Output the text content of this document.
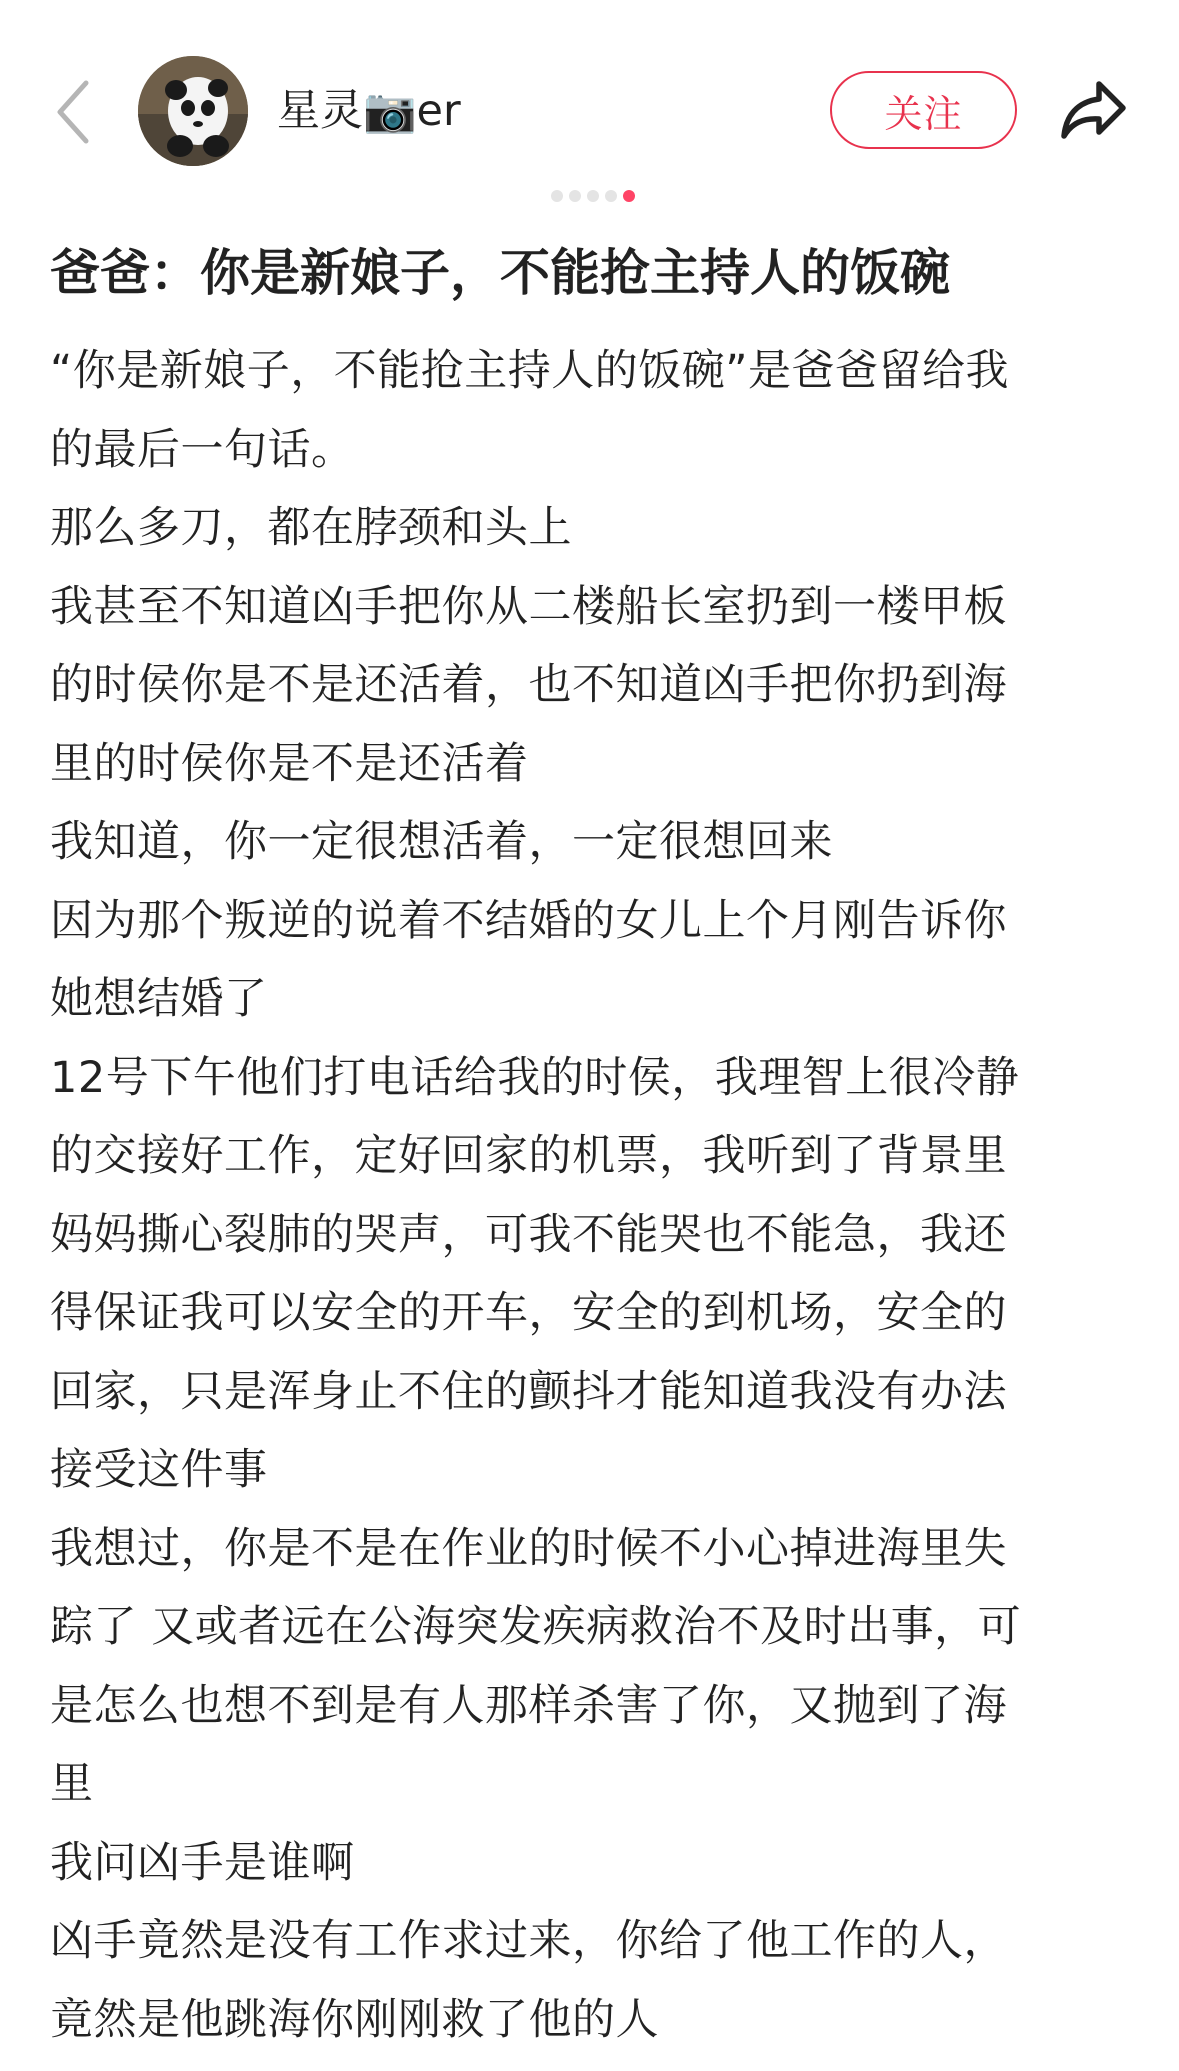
星灵📷er	关注
爸爸：你是新娘子，不能抢主持人的饭碗
“你是新娘子，不能抢主持人的饭碗”是爸爸留给我
的最后一句话。
那么多刀，都在脖颈和头上
我甚至不知道凶手把你从二楼船长室扔到一楼甲板
的时侯你是不是还活着，也不知道凶手把你扔到海
里的时侯你是不是还活着
我知道，你一定很想活着，一定很想回来
因为那个叛逆的说着不结婚的女儿上个月刚告诉你
她想结婚了
12号下午他们打电话给我的时侯，我理智上很冷静
的交接好工作，定好回家的机票，我听到了背景里
妈妈撕心裂肺的哭声，可我不能哭也不能急，我还
得保证我可以安全的开车，安全的到机场，安全的
回家，只是浑身止不住的颤抖才能知道我没有办法
接受这件事
我想过，你是不是在作业的时候不小心掉进海里失
踪了 又或者远在公海突发疾病救治不及时出事，可
是怎么也想不到是有人那样杀害了你，又抛到了海
里
我问凶手是谁啊
凶手竟然是没有工作求过来，你给了他工作的人，
竟然是他跳海你刚刚救了他的人
